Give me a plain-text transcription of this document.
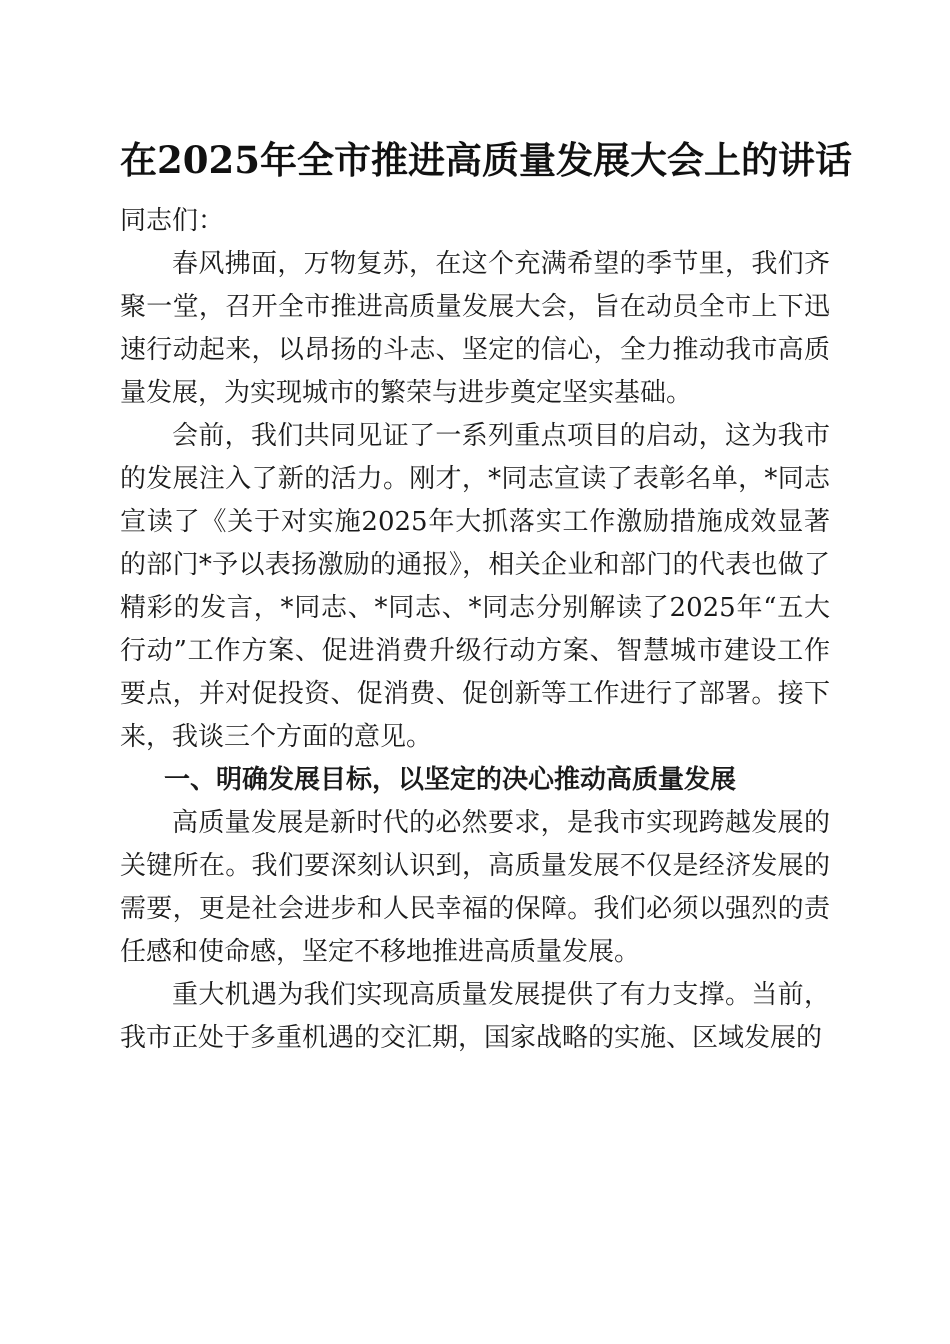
在2025年全市推进高质量发展大会上的讲话

同志们：

春风拂面，万物复苏，在这个充满希望的季节里，我们齐聚一堂，召开全市推进高质量发展大会，旨在动员全市上下迅速行动起来，以昂扬的斗志、坚定的信心，全力推动我市高质量发展，为实现城市的繁荣与进步奠定坚实基础。

会前，我们共同见证了一系列重点项目的启动，这为我市的发展注入了新的活力。刚才，*同志宣读了表彰名单，*同志宣读了《关于对实施2025年大抓落实工作激励措施成效显著的部门*予以表扬激励的通报》，相关企业和部门的代表也做了精彩的发言，*同志、*同志、*同志分别解读了2025年“五大行动”工作方案、促进消费升级行动方案、智慧城市建设工作要点，并对促投资、促消费、促创新等工作进行了部署。接下来，我谈三个方面的意见。

一、明确发展目标，以坚定的决心推动高质量发展

高质量发展是新时代的必然要求，是我市实现跨越发展的关键所在。我们要深刻认识到，高质量发展不仅是经济发展的需要，更是社会进步和人民幸福的保障。我们必须以强烈的责任感和使命感，坚定不移地推进高质量发展。

重大机遇为我们实现高质量发展提供了有力支撑。当前，我市正处于多重机遇的交汇期，国家战略的实施、区域发展的
